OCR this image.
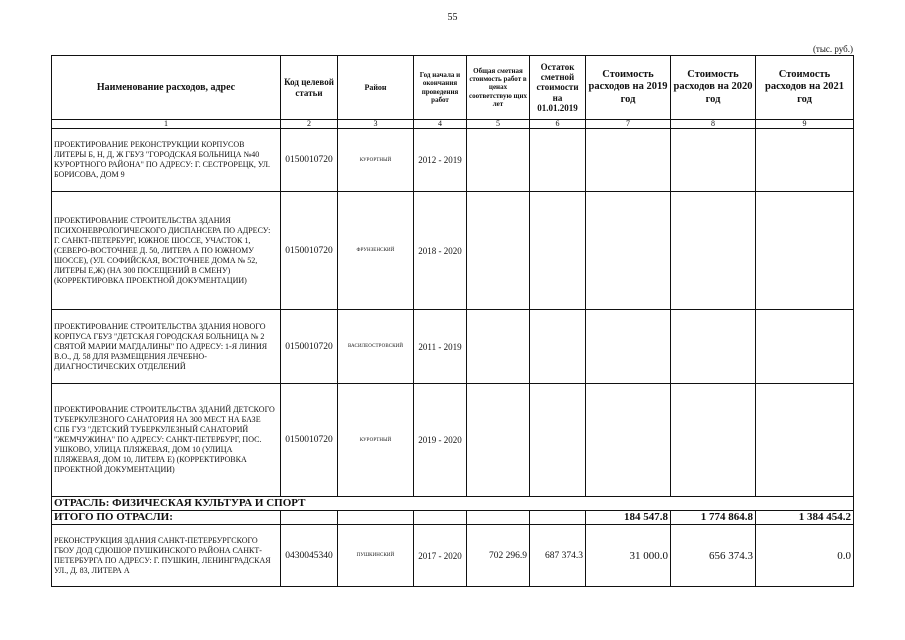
55
(тыс. руб.)
Наименование расходов, адрес	Код целевой статьи	Район	Год начала и окончания проведения работ	Общая сметная стоимость работ в ценах соответствую щих лет	Остаток сметной стоимости на 01.01.2019	Стоимость расходов на 2019 год	Стоимость расходов на 2020 год	Стоимость расходов на 2021 год
1	2	3	4	5	6	7	8	9
ПРОЕКТИРОВАНИЕ РЕКОНСТРУКЦИИ КОРПУСОВ ЛИТЕРЫ Б, Н, Д, Ж ГБУЗ "ГОРОДСКАЯ БОЛЬНИЦА №40 КУРОРТНОГО РАЙОНА" ПО АДРЕСУ: Г. СЕСТРОРЕЦК, УЛ. БОРИСОВА, ДОМ 9	0150010720	КУРОРТНЫЙ	2012 - 2019					
ПРОЕКТИРОВАНИЕ СТРОИТЕЛЬСТВА ЗДАНИЯ ПСИХОНЕВРОЛОГИЧЕСКОГО ДИСПАНСЕРА ПО АДРЕСУ: Г. САНКТ-ПЕТЕРБУРГ, ЮЖНОЕ ШОССЕ, УЧАСТОК 1, (СЕВЕРО-ВОСТОЧНЕЕ Д. 50, ЛИТЕРА А ПО ЮЖНОМУ ШОССЕ), (УЛ. СОФИЙСКАЯ, ВОСТОЧНЕЕ ДОМА № 52, ЛИТЕРЫ Е,Ж) (НА 300 ПОСЕЩЕНИЙ В СМЕНУ) (КОРРЕКТИРОВКА ПРОЕКТНОЙ ДОКУМЕНТАЦИИ)	0150010720	ФРУНЗЕНСКИЙ	2018 - 2020					
ПРОЕКТИРОВАНИЕ СТРОИТЕЛЬСТВА ЗДАНИЯ НОВОГО КОРПУСА ГБУЗ "ДЕТСКАЯ ГОРОДСКАЯ БОЛЬНИЦА № 2 СВЯТОЙ МАРИИ МАГДАЛИНЫ" ПО АДРЕСУ: 1-Я ЛИНИЯ В.О., Д. 58 ДЛЯ РАЗМЕЩЕНИЯ ЛЕЧЕБНО-ДИАГНОСТИЧЕСКИХ ОТДЕЛЕНИЙ	0150010720	ВАСИЛЕОСТРОВСКИЙ	2011 - 2019					
ПРОЕКТИРОВАНИЕ СТРОИТЕЛЬСТВА ЗДАНИЙ ДЕТСКОГО ТУБЕРКУЛЕЗНОГО САНАТОРИЯ НА 300 МЕСТ НА БАЗЕ СПБ ГУЗ "ДЕТСКИЙ ТУБЕРКУЛЕЗНЫЙ САНАТОРИЙ "ЖЕМЧУЖИНА" ПО АДРЕСУ: САНКТ-ПЕТЕРБУРГ, ПОС. УШКОВО, УЛИЦА ПЛЯЖЕВАЯ, ДОМ 10 (УЛИЦА ПЛЯЖЕВАЯ, ДОМ 10, ЛИТЕРА Е) (КОРРЕКТИРОВКА ПРОЕКТНОЙ ДОКУМЕНТАЦИИ)	0150010720	КУРОРТНЫЙ	2019 - 2020					
ОТРАСЛЬ: ФИЗИЧЕСКАЯ КУЛЬТУРА И СПОРТ								
ИТОГО ПО ОТРАСЛИ:						184 547.8	1 774 864.8	1 384 454.2
РЕКОНСТРУКЦИЯ ЗДАНИЯ САНКТ-ПЕТЕРБУРГСКОГО ГБОУ ДОД СДЮШОР ПУШКИНСКОГО РАЙОНА САНКТ-ПЕТЕРБУРГА ПО АДРЕСУ: Г. ПУШКИН, ЛЕНИНГРАДСКАЯ УЛ., Д. 83, ЛИТЕРА А	0430045340	ПУШКИНСКИЙ	2017 - 2020	702 296.9	687 374.3	31 000.0	656 374.3	0.0
